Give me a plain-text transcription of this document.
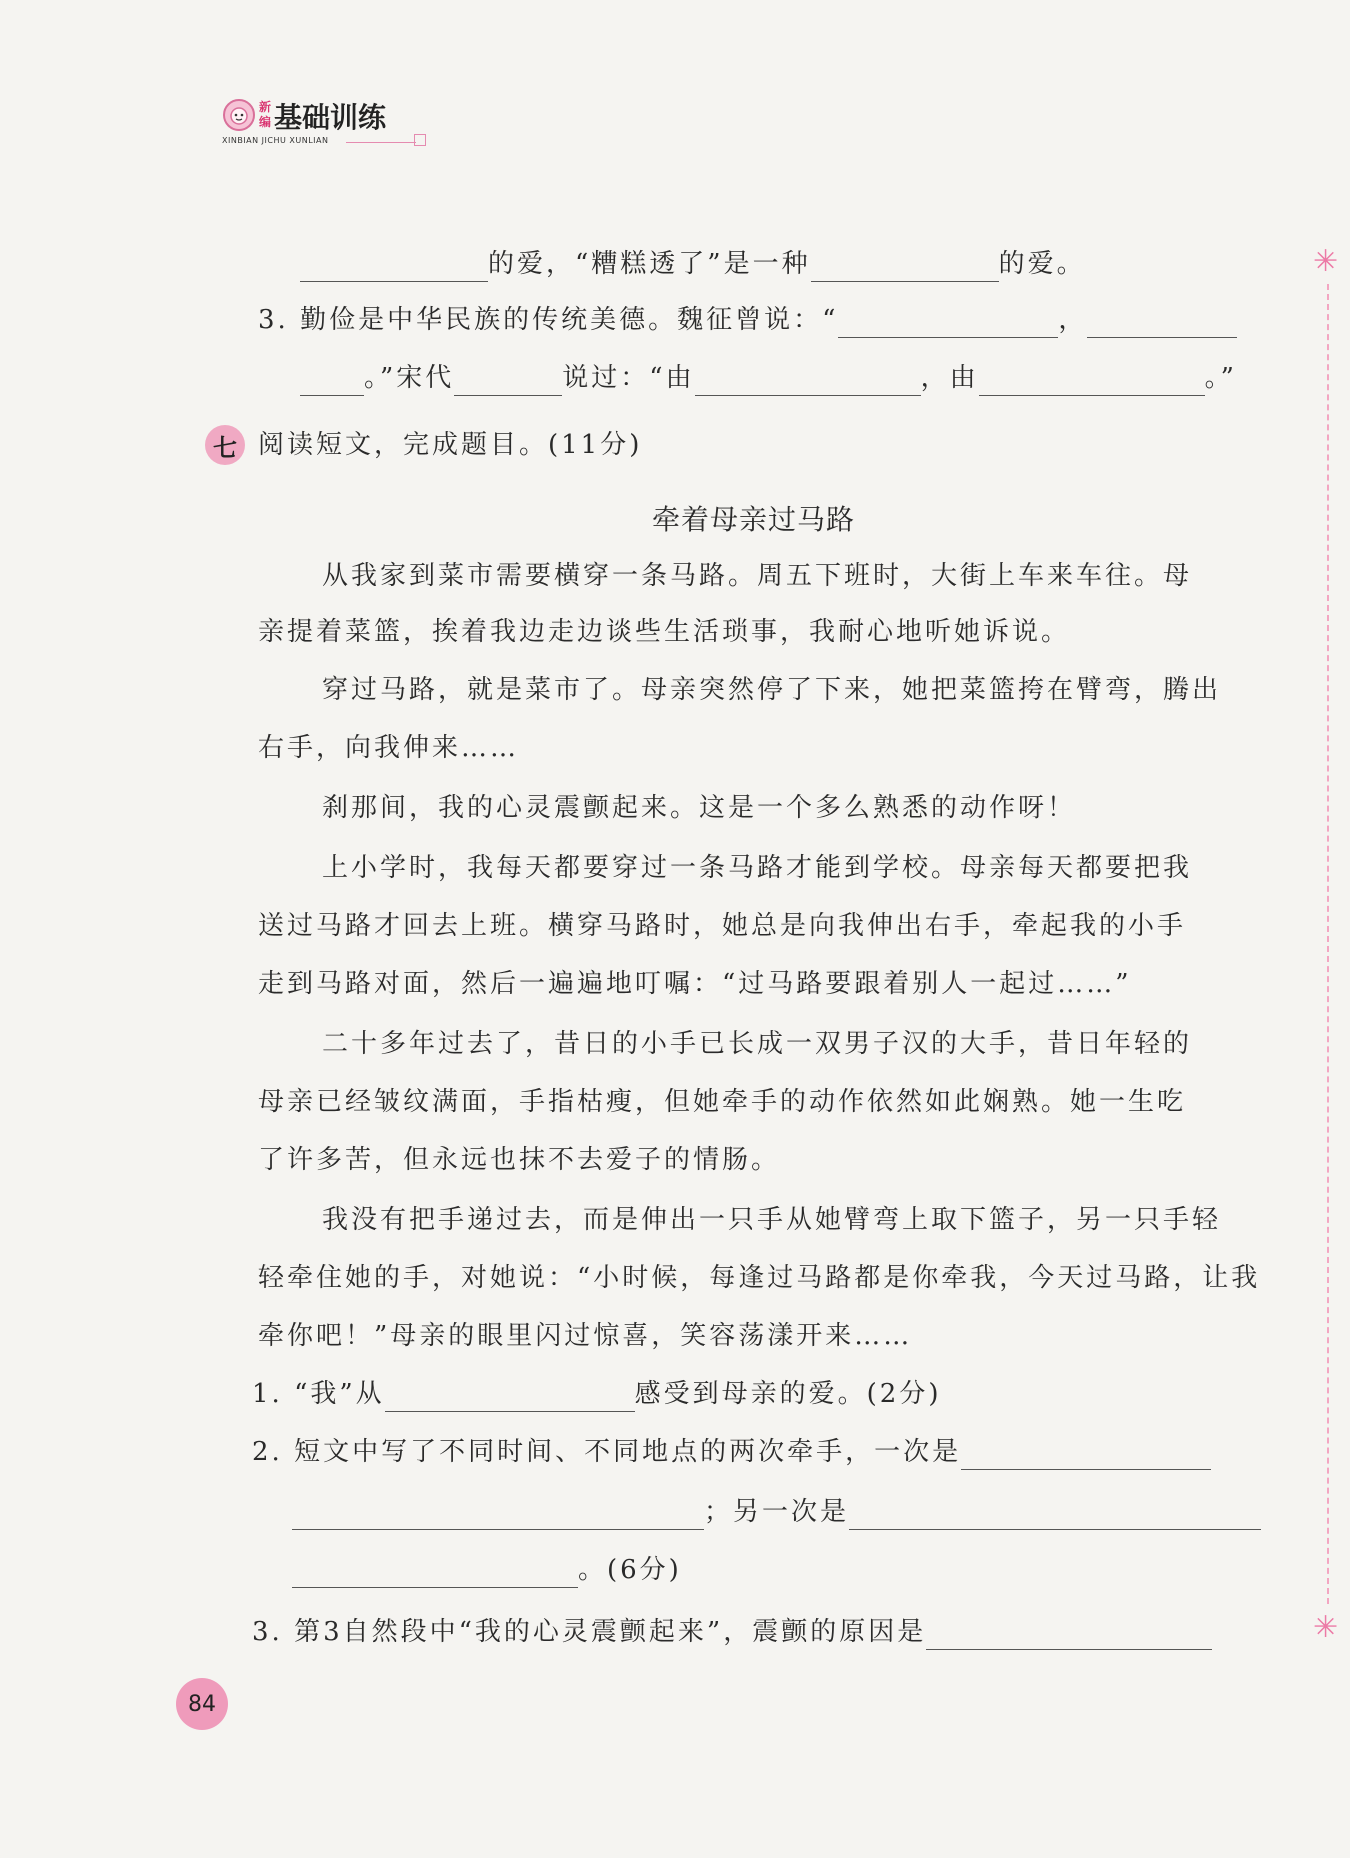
新
编 基础训练
XINBIAN JICHU XUNLIAN
✳
✳
的爱，“糟糕透了”是一种	的爱。
3. 勤俭是中华民族的传统美德。魏征曾说：“	，
。”宋代	说过：“由	，由	。”
七 阅读短文，完成题目。(11分)
牵着母亲过马路
从我家到菜市需要横穿一条马路。周五下班时，大街上车来车往。母
亲提着菜篮，挨着我边走边谈些生活琐事，我耐心地听她诉说。
穿过马路，就是菜市了。母亲突然停了下来，她把菜篮挎在臂弯，腾出
右手，向我伸来……
刹那间，我的心灵震颤起来。这是一个多么熟悉的动作呀！
上小学时，我每天都要穿过一条马路才能到学校。母亲每天都要把我
送过马路才回去上班。横穿马路时，她总是向我伸出右手，牵起我的小手
走到马路对面，然后一遍遍地叮嘱：“过马路要跟着别人一起过……”
二十多年过去了，昔日的小手已长成一双男子汉的大手，昔日年轻的
母亲已经皱纹满面，手指枯瘦，但她牵手的动作依然如此娴熟。她一生吃
了许多苦，但永远也抹不去爱子的情肠。
我没有把手递过去，而是伸出一只手从她臂弯上取下篮子，另一只手轻
轻牵住她的手，对她说：“小时候，每逢过马路都是你牵我，今天过马路，让我
牵你吧！”母亲的眼里闪过惊喜，笑容荡漾开来……
1. “我”从	感受到母亲的爱。(2分)
2. 短文中写了不同时间、不同地点的两次牵手，一次是
；另一次是
。(6分)
3. 第3自然段中“我的心灵震颤起来”，震颤的原因是
84
